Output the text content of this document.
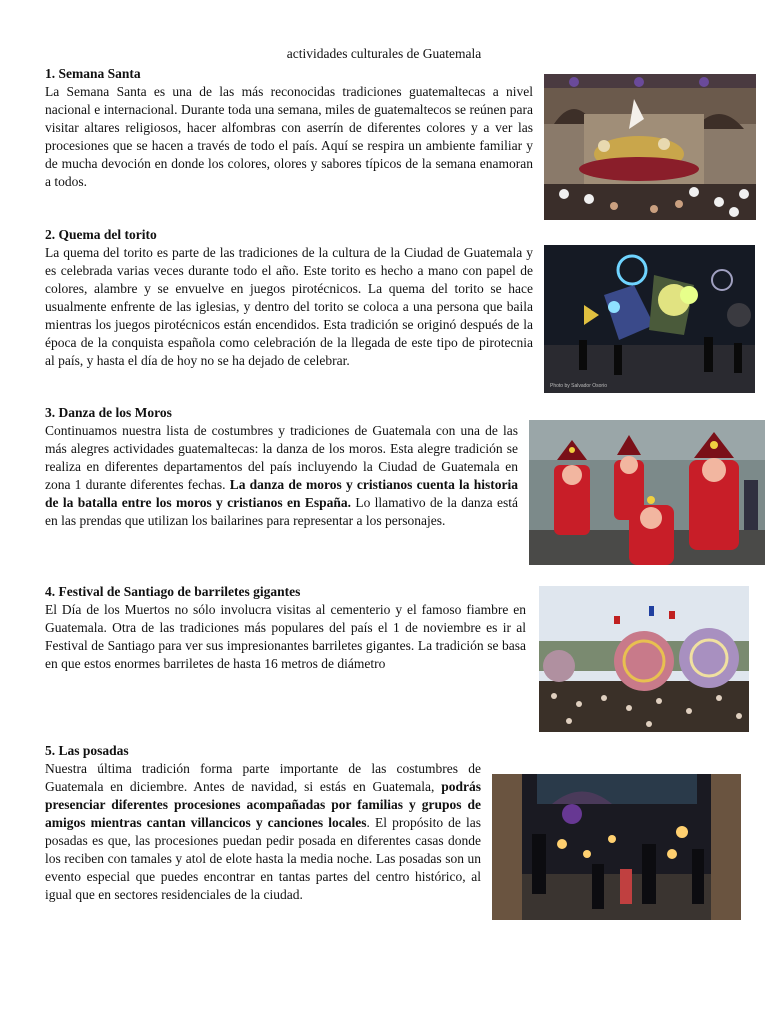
actividades culturales de Guatemala
1. Semana Santa

La Semana Santa es una de las más reconocidas tradiciones guatemaltecas a nivel nacional e internacional. Durante toda una semana, miles de guatemaltecos se reúnen para visitar altares religiosos, hacer alfombras con aserrín de diferentes colores y a ver las procesiones que se hacen a través de todo el país. Aquí se respira un ambiente familiar y de mucha devoción en donde los colores, olores y sabores típicos de la semana enamoran a todos.

2. Quema del torito

La quema del torito es parte de las tradiciones de la cultura de la Ciudad de Guatemala y es celebrada varias veces durante todo el año. Este torito es hecho a mano con papel de colores, alambre y se envuelve en juegos pirotécnicos. La quema del torito se hace usualmente enfrente de las iglesias, y dentro del torito se coloca a una persona que baila mientras los juegos pirotécnicos están encendidos. Esta tradición se originó después de la época de la conquista española como celebración de la llegada de este tipo de pirotecnia al país, y hasta el día de hoy no se ha dejado de celebrar.

Photo by Salvador Osorio
3. Danza de los Moros

Continuamos nuestra lista de costumbres y tradiciones de Guatemala con una de las más alegres actividades guatemaltecas: la danza de los moros. Esta alegre tradición se realiza en diferentes departamentos del país incluyendo la Ciudad de Guatemala en zona 1 durante diferentes fechas. La danza de moros y cristianos cuenta la historia de la batalla entre los moros y cristianos en España. Lo llamativo de la danza está en las prendas que utilizan los bailarines para representar a los personajes.

4. Festival de Santiago de barriletes gigantes

El Día de los Muertos no sólo involucra visitas al cementerio y el famoso fiambre en Guatemala. Otra de las tradiciones más populares del país el 1 de noviembre es ir al Festival de Santiago para ver sus impresionantes barriletes gigantes. La tradición se basa en que estos enormes barriletes de hasta 16 metros de diámetro

5. Las posadas

Nuestra última tradición forma parte importante de las costumbres de Guatemala en diciembre. Antes de navidad, si estás en Guatemala, podrás presenciar diferentes procesiones acompañadas por familias y grupos de amigos mientras cantan villancicos y canciones locales. El propósito de las posadas es que, las procesiones puedan pedir posada en diferentes casas donde los reciben con tamales y atol de elote hasta la media noche. Las posadas son un evento especial que puedes encontrar en tantas partes del centro histórico, al igual que en sectores residenciales de la ciudad.
